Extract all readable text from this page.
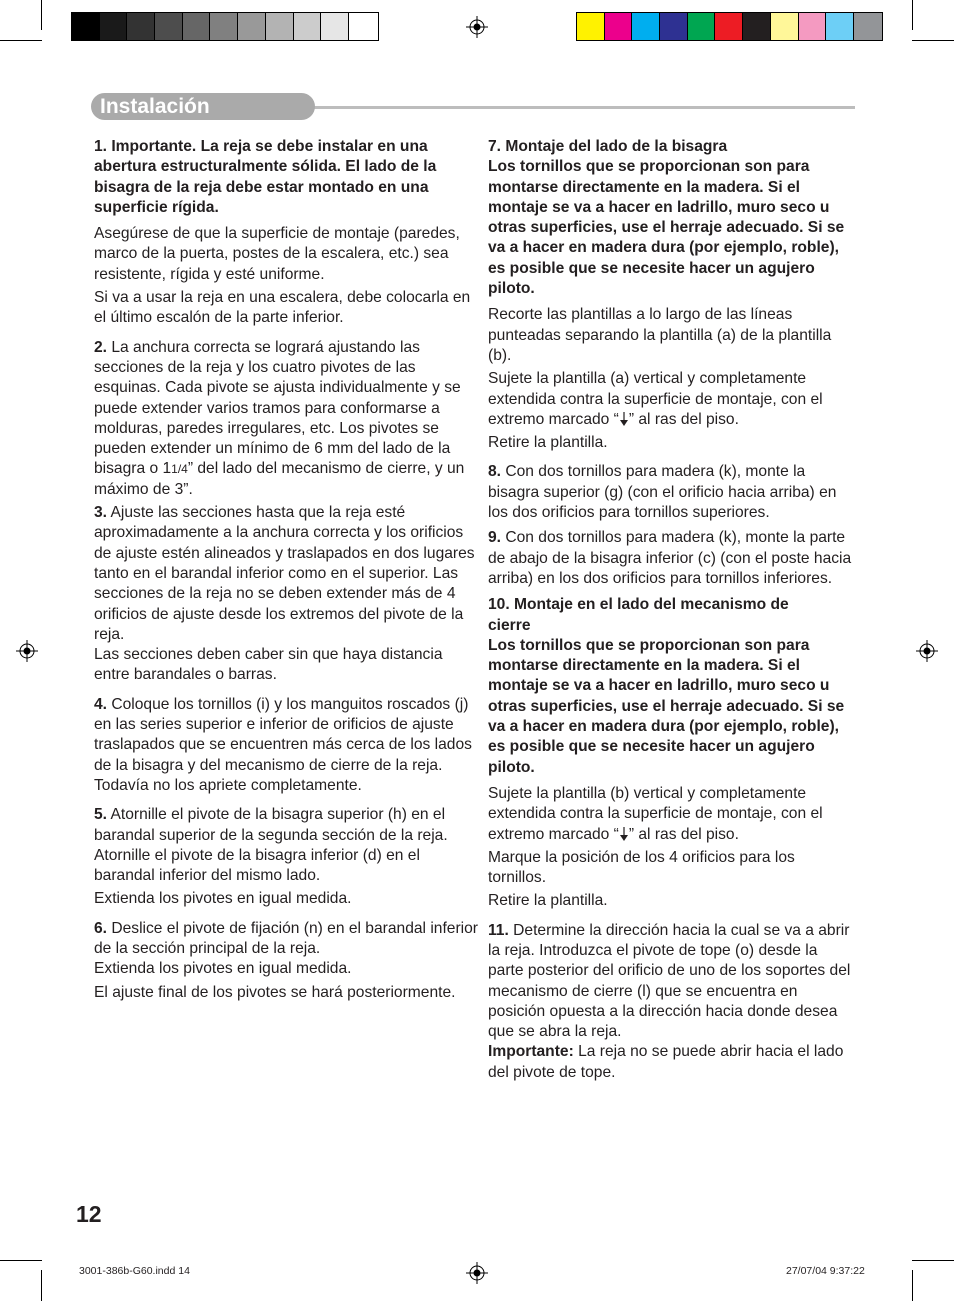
Instalación

1. Importante. La reja se debe instalar en una abertura estructuralmente sólida. El lado de la bisagra de la reja debe estar montado en una superficie rígida.

Asegúrese de que la superficie de montaje (paredes, marco de la puerta, postes de la escalera, etc.) sea resistente, rígida y esté uniforme.

Si va a usar la reja en una escalera, debe colocarla en el último escalón de la parte inferior.

2. La anchura correcta se logrará ajustando las secciones de la reja y los cuatro pivotes de las esquinas. Cada pivote se ajusta individualmente y se puede extender varios tramos para conformarse a molduras, paredes irregulares, etc. Los pivotes se pueden extender un mínimo de 6 mm del lado de la bisagra o 11/4” del lado del mecanismo de cierre, y un máximo de 3”.

3. Ajuste las secciones hasta que la reja esté aproximadamente a la anchura correcta y los orificios de ajuste estén alineados y traslapados en dos lugares tanto en el barandal inferior como en el superior. Las secciones de la reja no se deben extender más de 4 orificios de ajuste desde los extremos del pivote de la reja.
Las secciones deben caber sin que haya distancia entre barandales o barras.

4. Coloque los tornillos (i) y los manguitos roscados (j) en las series superior e inferior de orificios de ajuste traslapados que se encuentren más cerca de los lados de la bisagra y del mecanismo de cierre de la reja. Todavía no los apriete completamente.

5. Atornille el pivote de la bisagra superior (h) en el barandal superior de la segunda sección de la reja.
Atornille el pivote de la bisagra inferior (d) en el barandal inferior del mismo lado.

Extienda los pivotes en igual medida.

6. Deslice el pivote de fijación (n) en el barandal inferior de la sección principal de la reja.
Extienda los pivotes en igual medida.

El ajuste final de los pivotes se hará posteriormente.

7. Montaje del lado de la bisagra

Los tornillos que se proporcionan son para montarse directamente en la madera. Si el montaje se va a hacer en ladrillo, muro seco u otras superficies, use el herraje adecuado. Si se va a hacer en madera dura (por ejemplo, roble), es posible que se necesite hacer un agujero piloto.

Recorte las plantillas a lo largo de las líneas punteadas separando la plantilla (a) de la plantilla (b).

Sujete la plantilla (a) vertical y completamente extendida contra la superficie de montaje, con el extremo marcado “ ” al ras del piso.

Retire la plantilla.

8. Con dos tornillos para madera (k), monte la bisagra superior (g) (con el orificio hacia arriba) en los dos orificios para tornillos superiores.

9. Con dos tornillos para madera (k), monte la parte de abajo de la bisagra inferior (c) (con el poste hacia arriba) en los dos orificios para tornillos inferiores.

10. Montaje en el lado del mecanismo de cierre

Los tornillos que se proporcionan son para montarse directamente en la madera. Si el montaje se va a hacer en ladrillo, muro seco u otras superficies, use el herraje adecuado. Si se va a hacer en madera dura (por ejemplo, roble), es posible que se necesite hacer un agujero piloto.

Sujete la plantilla (b) vertical y completamente extendida contra la superficie de montaje, con el extremo marcado “ ” al ras del piso.

Marque la posición de los 4 orificios para los tornillos.

Retire la plantilla.

11. Determine la dirección hacia la cual se va a abrir la reja. Introduzca el pivote de tope (o) desde la parte posterior del orificio de uno de los soportes del mecanismo de cierre (l) que se encuentra en posición opuesta a la dirección hacia donde desea que se abra la reja.
Importante: La reja no se puede abrir hacia el lado del pivote de tope.

12
3001-386b-G60.indd 14	27/07/04 9:37:22
